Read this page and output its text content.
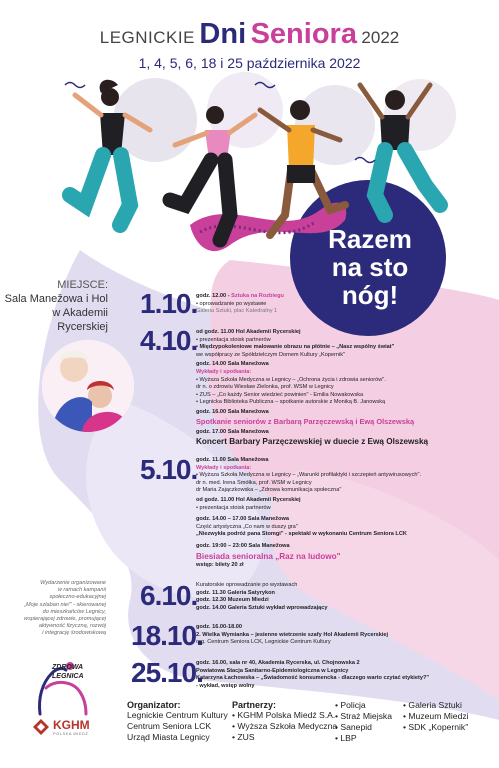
LEGNICKIE Dni Seniora 2022
1, 4, 5, 6, 18 i 25 października 2022
Razem
na sto
nóg!
MIEJSCE:
Sala Manežowa i Hol
w Akademii Rycerskiej
1.10.
4.10.
5.10.
6.10.
18.10.
25.10.
godz. 12.00 - Sztuka na Rozbiegu
• oprowadzanie po wystawie
Galeria Sztuki, plac Katedralny 1
od godz. 11.00 Hol Akademii Rycerskiej
• prezentacja stoisk partnerów
• Międzypokoleniowe malowanie obrazu na płótnie – „Nasz wspólny świat"
we współpracy ze Spółdzielczym Domem Kultury „Kopernik"
godz. 14.00 Sala Manežowa
Wykłady i spotkania:
• Wyższa Szkoła Medyczna w Legnicy – „Ochrona życia i zdrowia seniorów".
dr n. o zdrowiu Wiesław Zielonka, prof. WSM w Legnicy
• ZUS – „Co każdy Senior wiedzieć powinien" - Emilia Nowakowska
• Legnicka Biblioteka Publiczna – spotkanie autorskie z Moniką B. Janowską
godz. 16.00 Sala Manežowa
Spotkanie seniorów z Barbarą Parzęczewską i Ewą Olszewską
godz. 17.00 Sala Manežowa
Koncert Barbary Parzęczewskiej w duecie z Ewą Olszewską
godz. 11.00 Sala Manežowa
Wykłady i spotkania:
• Wyższa Szkoła Medyczna w Legnicy – „Warunki profilaktyki i szczepień antywirusowych".
dr n. med. Irena Smółka, prof. WSM w Legnicy
dr Maria Zajączkowska – „Zdrowa komunikacja społeczna"
od godz. 11.00 Hol Akademii Rycerskiej
• prezentacja stoisk partnerów
godz. 14.00 – 17.00 Sala Manežowa
Część artystyczna „Co nam w duszy gra"
„Niezwykła podróż pana Stomgi" - spektakl w wykonaniu Centrum Seniora LCK
godz. 19:00 – 23:00 Sala Manežowa
Biesiada senioralna „Raz na ludowo"
wstęp: bilety 20 zł
Kuratorskie oprowadzanie po wystawach
godz. 11.30 Galeria Satyrykon
godz. 12.30 Muzeum Miedzi
godz. 14.00 Galeria Sztuki wykład wprowadzający
godz. 16.00-18.00
2. Wielka Wymianka – jesienne wietrzenie szafy Hol Akademii Rycerskiej
org. Centrum Seniora LCK, Legnickie Centrum Kultury
godz. 16.00, sala nr 40, Akademia Rycerska, ul. Chojnowska 2
Powiatowa Stacja Sanitarno-Epidemiologiczna w Legnicy
Katarzyna Łachowska – „Świadomość konsumencka - dlaczego warto czytać etykiety?"
- wykład, wstęp wolny
Wydarzenie organizowane
w ramach kampanii
społeczno-edukacyjnej
„Moje szlaban nie!" - skierowanej
do mieszkańców Legnicy,
wspierającej zdrowie, promującej
aktywność fizyczną, rozwój
i integrację środowiskową
ZDROWA
LEGNICA
KGHM
POLSKA MIEDŹ
Organizator:
Legnickie Centrum Kultury
Centrum Seniora LCK
Urząd Miasta Legnicy
Partnerzy:
• KGHM Polska Miedź S.A.
• Wyższa Szkoła Medyczna
• ZUS
• Policja
• Straż Miejska
• Sanepid
• LBP
• Galeria Sztuki
• Muzeum Miedzi
• SDK „Kopernik"
